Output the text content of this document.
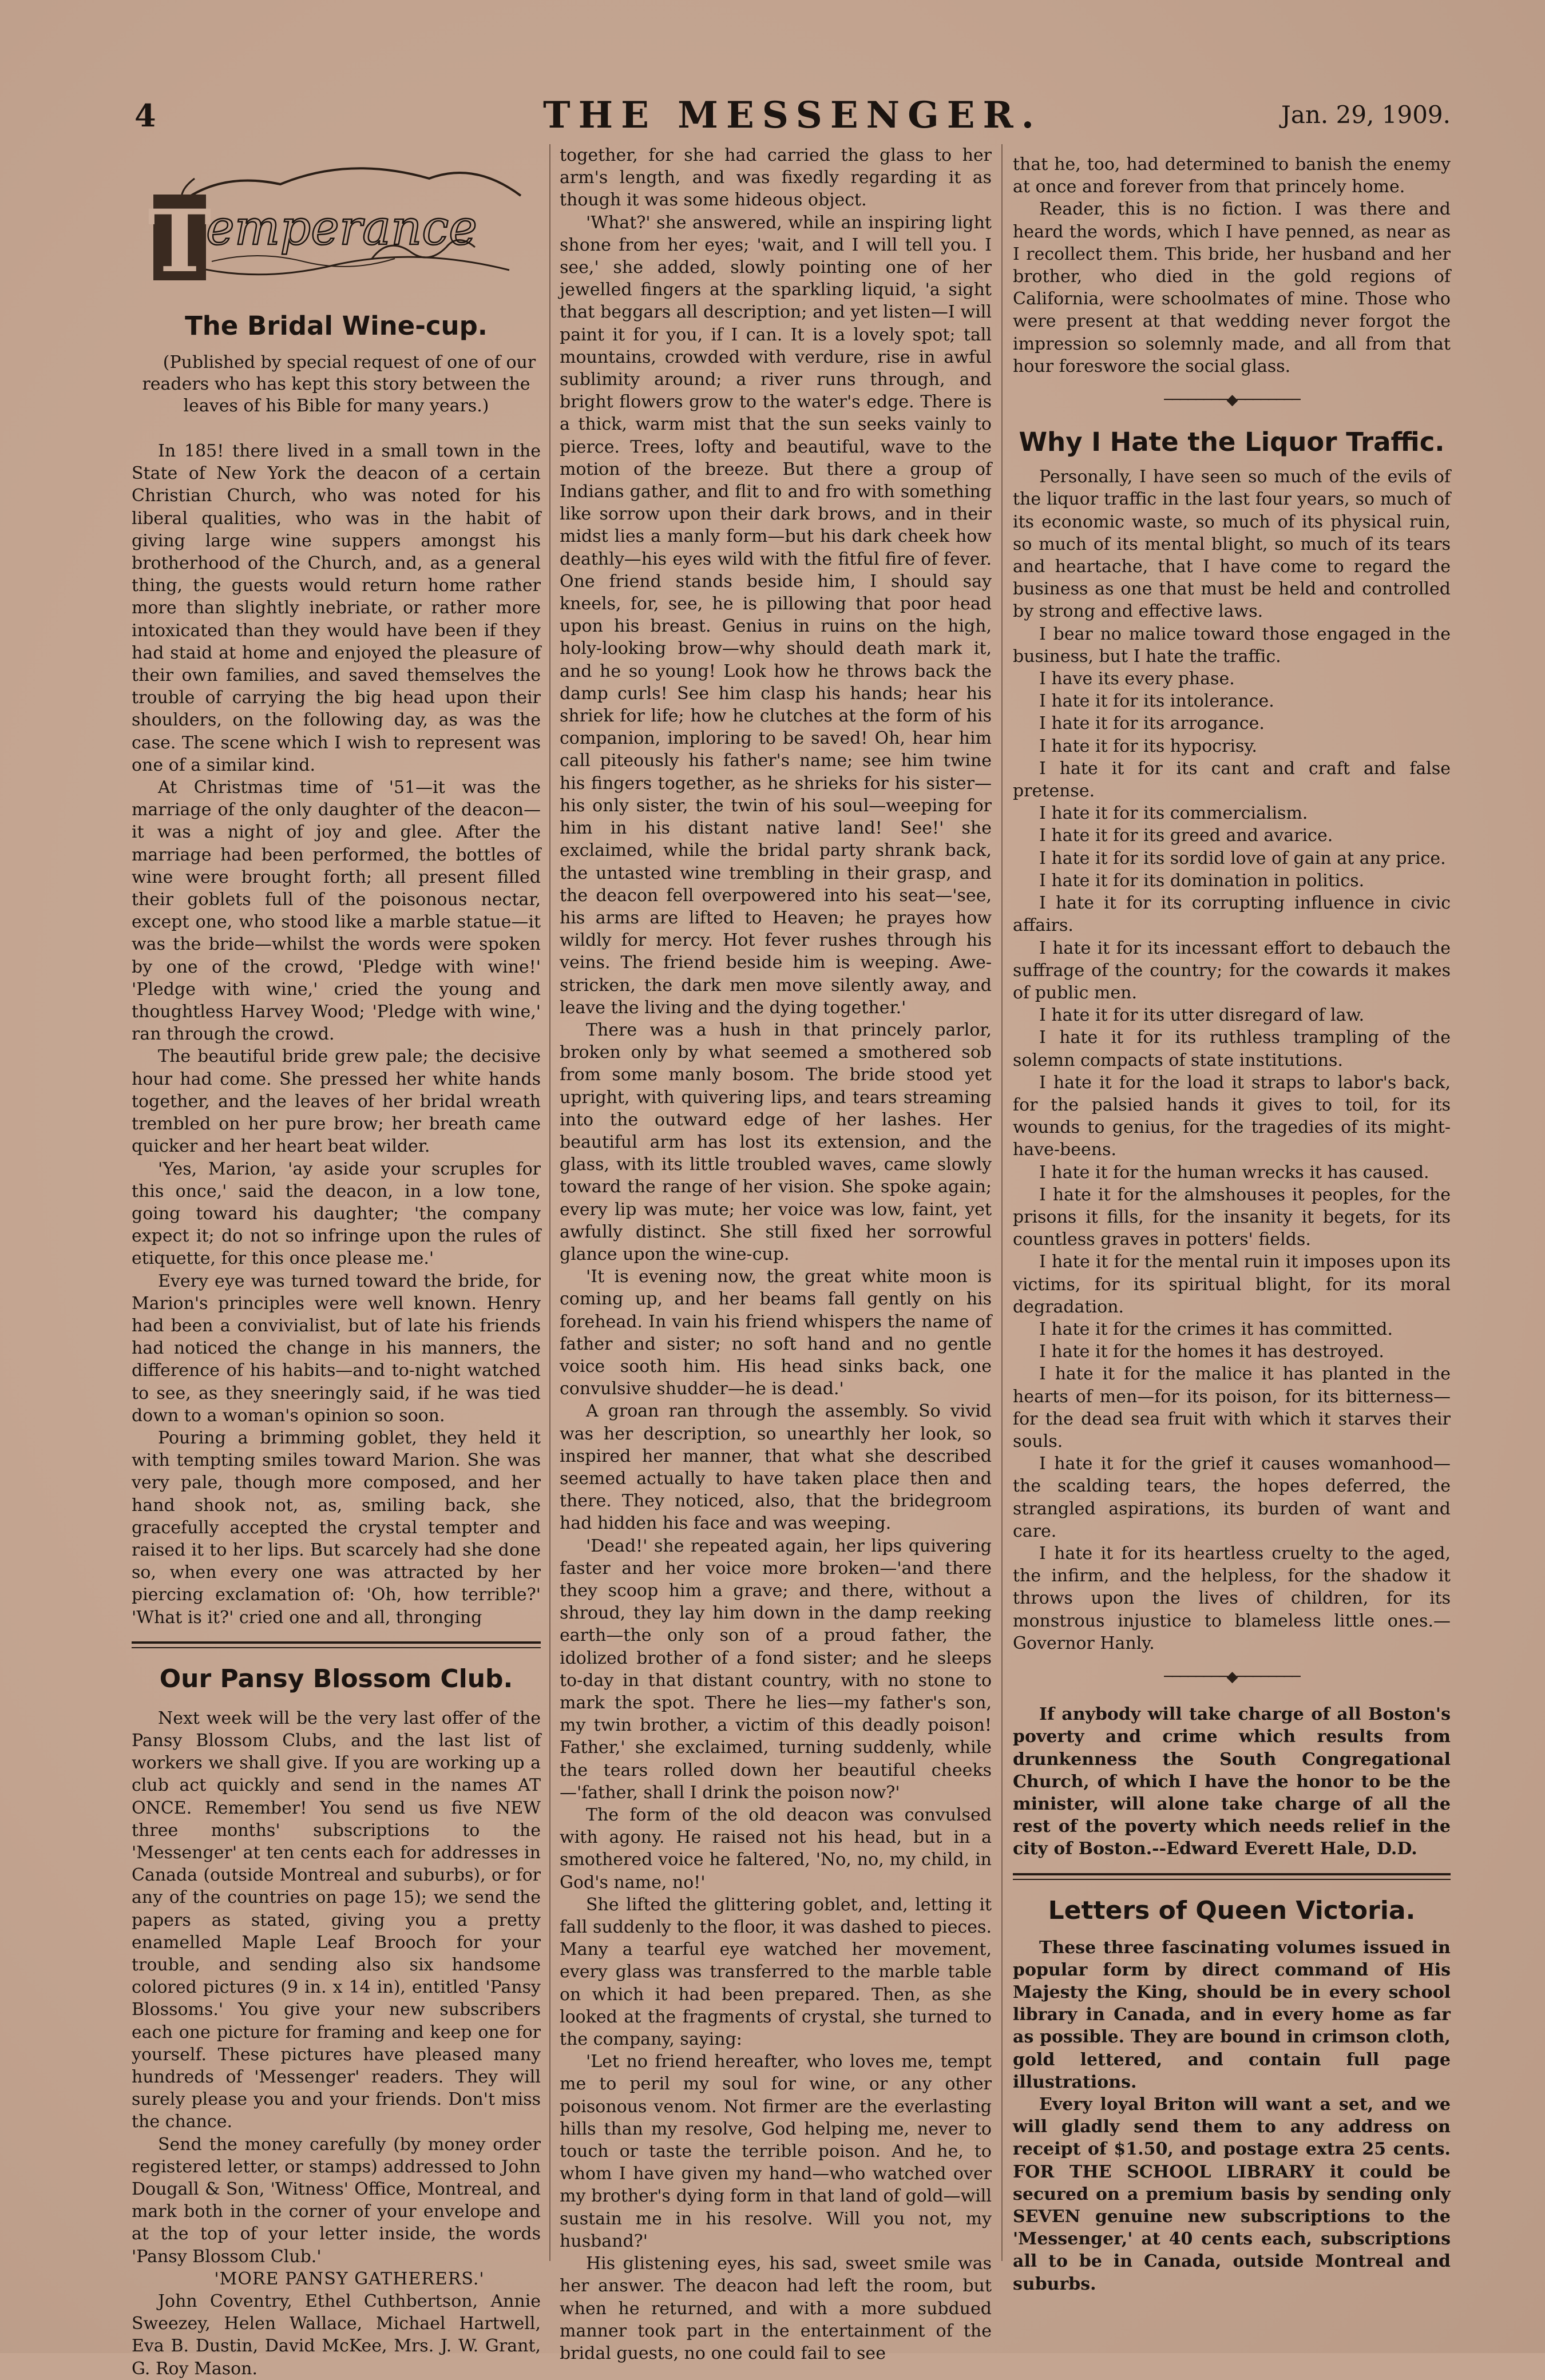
4	THE MESSENGER.	Jan. 29, 1909.
T
emperance
The Bridal Wine-cup.

(Published by special request of one of our readers who has kept this story between the leaves of his Bible for many years.)

In 185! there lived in a small town in the State of New York the deacon of a certain Christian Church, who was noted for his liberal qualities, who was in the habit of giving large wine suppers amongst his brotherhood of the Church, and, as a general thing, the guests would return home rather more than slightly inebriate, or rather more intoxicated than they would have been if they had staid at home and enjoyed the pleasure of their own families, and saved themselves the trouble of carrying the big head upon their shoulders, on the following day, as was the case. The scene which I wish to represent was one of a similar kind.

At Christmas time of '51—it was the marriage of the only daughter of the deacon—it was a night of joy and glee. After the marriage had been performed, the bottles of wine were brought forth; all present filled their goblets full of the poisonous nectar, except one, who stood like a marble statue—it was the bride—whilst the words were spoken by one of the crowd, 'Pledge with wine!' 'Pledge with wine,' cried the young and thoughtless Harvey Wood; 'Pledge with wine,' ran through the crowd.

The beautiful bride grew pale; the decisive hour had come. She pressed her white hands together, and the leaves of her bridal wreath trembled on her pure brow; her breath came quicker and her heart beat wilder.

'Yes, Marion, 'ay aside your scruples for this once,' said the deacon, in a low tone, going toward his daughter; 'the company expect it; do not so infringe upon the rules of etiquette, for this once please me.'

Every eye was turned toward the bride, for Marion's principles were well known. Henry had been a convivialist, but of late his friends had noticed the change in his manners, the difference of his habits—and to-night watched to see, as they sneeringly said, if he was tied down to a woman's opinion so soon.

Pouring a brimming goblet, they held it with tempting smiles toward Marion. She was very pale, though more composed, and her hand shook not, as, smiling back, she gracefully accepted the crystal tempter and raised it to her lips. But scarcely had she done so, when every one was attracted by her piercing exclamation of: 'Oh, how terrible?' 'What is it?' cried one and all, thronging

Our Pansy Blossom Club.

Next week will be the very last offer of the Pansy Blossom Clubs, and the last list of workers we shall give. If you are working up a club act quickly and send in the names AT ONCE. Remember! You send us five NEW three months' subscriptions to the 'Messenger' at ten cents each for addresses in Canada (outside Montreal and suburbs), or for any of the countries on page 15); we send the papers as stated, giving you a pretty enamelled Maple Leaf Brooch for your trouble, and sending also six handsome colored pictures (9 in. x 14 in), entitled 'Pansy Blossoms.' You give your new subscribers each one picture for framing and keep one for yourself. These pictures have pleased many hundreds of 'Messenger' readers. They will surely please you and your friends. Don't miss the chance.

Send the money carefully (by money order registered letter, or stamps) addressed to John Dougall & Son, 'Witness' Office, Montreal, and mark both in the corner of your envelope and at the top of your letter inside, the words 'Pansy Blossom Club.'

'MORE PANSY GATHERERS.'

John Coventry, Ethel Cuthbertson, Annie Sweezey, Helen Wallace, Michael Hartwell, Eva B. Dustin, David McKee, Mrs. J. W. Grant, G. Roy Mason.

together, for she had carried the glass to her arm's length, and was fixedly regarding it as though it was some hideous object.

'What?' she answered, while an inspiring light shone from her eyes; 'wait, and I will tell you. I see,' she added, slowly pointing one of her jewelled fingers at the sparkling liquid, 'a sight that beggars all description; and yet listen—I will paint it for you, if I can. It is a lovely spot; tall mountains, crowded with verdure, rise in awful sublimity around; a river runs through, and bright flowers grow to the water's edge. There is a thick, warm mist that the sun seeks vainly to pierce. Trees, lofty and beautiful, wave to the motion of the breeze. But there a group of Indians gather, and flit to and fro with something like sorrow upon their dark brows, and in their midst lies a manly form—but his dark cheek how deathly—his eyes wild with the fitful fire of fever. One friend stands beside him, I should say kneels, for, see, he is pillowing that poor head upon his breast. Genius in ruins on the high, holy-looking brow—why should death mark it, and he so young! Look how he throws back the damp curls! See him clasp his hands; hear his shriek for life; how he clutches at the form of his companion, imploring to be saved! Oh, hear him call piteously his father's name; see him twine his fingers together, as he shrieks for his sister—his only sister, the twin of his soul—weeping for him in his distant native land! See!' she exclaimed, while the bridal party shrank back, the untasted wine trembling in their grasp, and the deacon fell overpowered into his seat—'see, his arms are lifted to Heaven; he prayes how wildly for mercy. Hot fever rushes through his veins. The friend beside him is weeping. Awe-stricken, the dark men move silently away, and leave the living and the dying together.'

There was a hush in that princely parlor, broken only by what seemed a smothered sob from some manly bosom. The bride stood yet upright, with quivering lips, and tears streaming into the outward edge of her lashes. Her beautiful arm has lost its extension, and the glass, with its little troubled waves, came slowly toward the range of her vision. She spoke again; every lip was mute; her voice was low, faint, yet awfully distinct. She still fixed her sorrowful glance upon the wine-cup.

'It is evening now, the great white moon is coming up, and her beams fall gently on his forehead. In vain his friend whispers the name of father and sister; no soft hand and no gentle voice sooth him. His head sinks back, one convulsive shudder—he is dead.'

A groan ran through the assembly. So vivid was her description, so unearthly her look, so inspired her manner, that what she described seemed actually to have taken place then and there. They noticed, also, that the bridegroom had hidden his face and was weeping.

'Dead!' she repeated again, her lips quivering faster and her voice more broken—'and there they scoop him a grave; and there, without a shroud, they lay him down in the damp reeking earth—the only son of a proud father, the idolized brother of a fond sister; and he sleeps to-day in that distant country, with no stone to mark the spot. There he lies—my father's son, my twin brother, a victim of this deadly poison! Father,' she exclaimed, turning suddenly, while the tears rolled down her beautiful cheeks—'father, shall I drink the poison now?'

The form of the old deacon was convulsed with agony. He raised not his head, but in a smothered voice he faltered, 'No, no, my child, in God's name, no!'

She lifted the glittering goblet, and, letting it fall suddenly to the floor, it was dashed to pieces. Many a tearful eye watched her movement, every glass was transferred to the marble table on which it had been prepared. Then, as she looked at the fragments of crystal, she turned to the company, saying:

'Let no friend hereafter, who loves me, tempt me to peril my soul for wine, or any other poisonous venom. Not firmer are the everlasting hills than my resolve, God helping me, never to touch or taste the terrible poison. And he, to whom I have given my hand—who watched over my brother's dying form in that land of gold—will sustain me in his resolve. Will you not, my husband?'

His glistening eyes, his sad, sweet smile was her answer. The deacon had left the room, but when he returned, and with a more subdued manner took part in the entertainment of the bridal guests, no one could fail to see

that he, too, had determined to banish the enemy at once and forever from that princely home.

Reader, this is no fiction. I was there and heard the words, which I have penned, as near as I recollect them. This bride, her husband and her brother, who died in the gold regions of California, were schoolmates of mine. Those who were present at that wedding never forgot the impression so solemnly made, and all from that hour foreswore the social glass.

────────◆────────
Why I Hate the Liquor Traffic.

Personally, I have seen so much of the evils of the liquor traffic in the last four years, so much of its economic waste, so much of its physical ruin, so much of its mental blight, so much of its tears and heartache, that I have come to regard the business as one that must be held and controlled by strong and effective laws.

I bear no malice toward those engaged in the business, but I hate the traffic.

I have its every phase.

I hate it for its intolerance.

I hate it for its arrogance.

I hate it for its hypocrisy.

I hate it for its cant and craft and false pretense.

I hate it for its commercialism.

I hate it for its greed and avarice.

I hate it for its sordid love of gain at any price.

I hate it for its domination in politics.

I hate it for its corrupting influence in civic affairs.

I hate it for its incessant effort to debauch the suffrage of the country; for the cowards it makes of public men.

I hate it for its utter disregard of law.

I hate it for its ruthless trampling of the solemn compacts of state institutions.

I hate it for the load it straps to labor's back, for the palsied hands it gives to toil, for its wounds to genius, for the tragedies of its might-have-beens.

I hate it for the human wrecks it has caused.

I hate it for the almshouses it peoples, for the prisons it fills, for the insanity it begets, for its countless graves in potters' fields.

I hate it for the mental ruin it imposes upon its victims, for its spiritual blight, for its moral degradation.

I hate it for the crimes it has committed.

I hate it for the homes it has destroyed.

I hate it for the malice it has planted in the hearts of men—for its poison, for its bitterness—for the dead sea fruit with which it starves their souls.

I hate it for the grief it causes womanhood—the scalding tears, the hopes deferred, the strangled aspirations, its burden of want and care.

I hate it for its heartless cruelty to the aged, the infirm, and the helpless, for the shadow it throws upon the lives of children, for its monstrous injustice to blameless little ones.—Governor Hanly.

────────◆────────

If anybody will take charge of all Boston's poverty and crime which results from drunkenness the South Congregational Church, of which I have the honor to be the minister, will alone take charge of all the rest of the poverty which needs relief in the city of Boston.--Edward Everett Hale, D.D.

Letters of Queen Victoria.

These three fascinating volumes issued in popular form by direct command of His Majesty the King, should be in every school library in Canada, and in every home as far as possible. They are bound in crimson cloth, gold lettered, and contain full page illustrations.

Every loyal Briton will want a set, and we will gladly send them to any address on receipt of $1.50, and postage extra 25 cents. FOR THE SCHOOL LIBRARY it could be secured on a premium basis by sending only SEVEN genuine new subscriptions to the 'Messenger,' at 40 cents each, subscriptions all to be in Canada, outside Montreal and suburbs.
